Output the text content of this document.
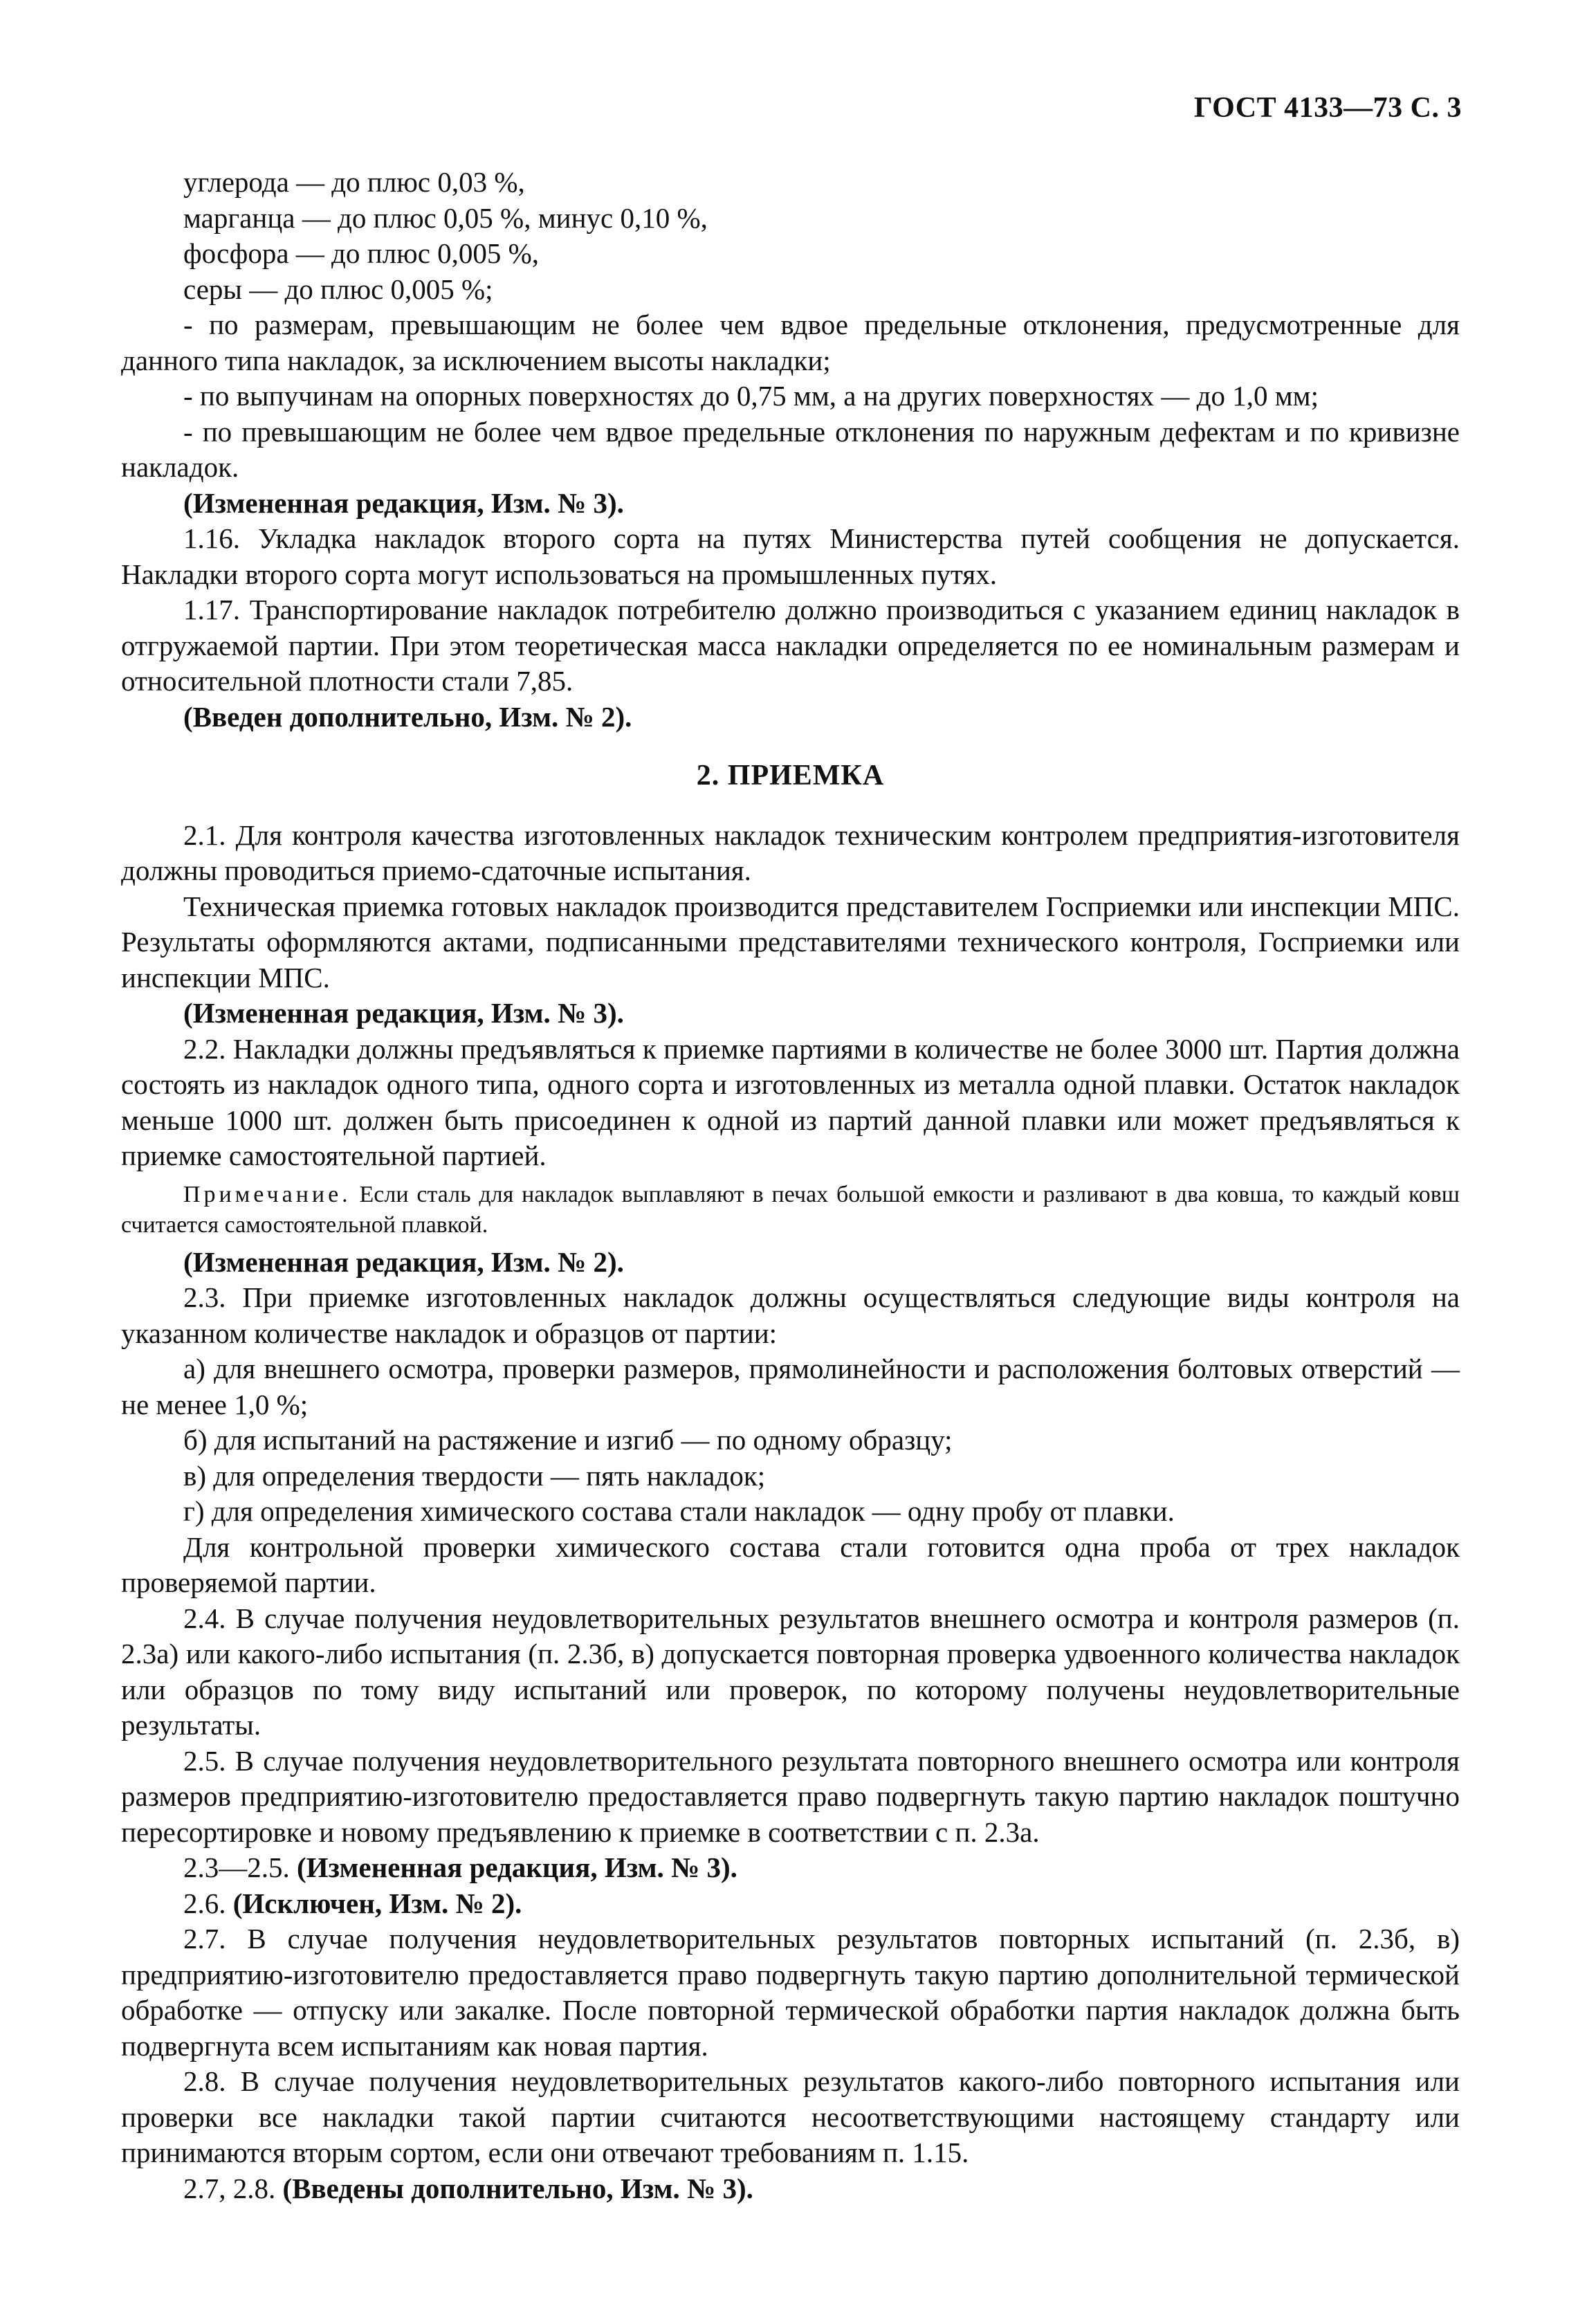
ГОСТ 4133—73 С. 3

углерода — до плюс 0,03 %,

марганца — до плюс 0,05 %, минус 0,10 %,

фосфора — до плюс 0,005 %,

серы — до плюс 0,005 %;

- по размерам, превышающим не более чем вдвое предельные отклонения, предусмотренные для данного типа накладок, за исключением высоты накладки;

- по выпучинам на опорных поверхностях до 0,75 мм, а на других поверхностях — до 1,0 мм;

- по превышающим не более чем вдвое предельные отклонения по наружным дефектам и по кривизне накладок.

(Измененная редакция, Изм. № 3).

1.16. Укладка накладок второго сорта на путях Министерства путей сообщения не допускается. Накладки второго сорта могут использоваться на промышленных путях.

1.17. Транспортирование накладок потребителю должно производиться с указанием единиц накладок в отгружаемой партии. При этом теоретическая масса накладки определяется по ее номинальным размерам и относительной плотности стали 7,85.

(Введен дополнительно, Изм. № 2).

2. ПРИЕМКА

2.1. Для контроля качества изготовленных накладок техническим контролем предприятия-изготовителя должны проводиться приемо-сдаточные испытания.

Техническая приемка готовых накладок производится представителем Госприемки или инспекции МПС. Результаты оформляются актами, подписанными представителями технического контроля, Госприемки или инспекции МПС.

(Измененная редакция, Изм. № 3).

2.2. Накладки должны предъявляться к приемке партиями в количестве не более 3000 шт. Партия должна состоять из накладок одного типа, одного сорта и изготовленных из металла одной плавки. Остаток накладок меньше 1000 шт. должен быть присоединен к одной из партий данной плавки или может предъявляться к приемке самостоятельной партией.

Примечание. Если сталь для накладок выплавляют в печах большой емкости и разливают в два ковша, то каждый ковш считается самостоятельной плавкой.

(Измененная редакция, Изм. № 2).

2.3. При приемке изготовленных накладок должны осуществляться следующие виды контроля на указанном количестве накладок и образцов от партии:

а) для внешнего осмотра, проверки размеров, прямолинейности и расположения болтовых отверстий — не менее 1,0 %;

б) для испытаний на растяжение и изгиб — по одному образцу;

в) для определения твердости — пять накладок;

г) для определения химического состава стали накладок — одну пробу от плавки.

Для контрольной проверки химического состава стали готовится одна проба от трех накладок проверяемой партии.

2.4. В случае получения неудовлетворительных результатов внешнего осмотра и контроля размеров (п. 2.3а) или какого-либо испытания (п. 2.3б, в) допускается повторная проверка удвоенного количества накладок или образцов по тому виду испытаний или проверок, по которому получены неудовлетворительные результаты.

2.5. В случае получения неудовлетворительного результата повторного внешнего осмотра или контроля размеров предприятию-изготовителю предоставляется право подвергнуть такую партию накладок поштучно пересортировке и новому предъявлению к приемке в соответствии с п. 2.3а.

2.3—2.5. (Измененная редакция, Изм. № 3).

2.6. (Исключен, Изм. № 2).

2.7. В случае получения неудовлетворительных результатов повторных испытаний (п. 2.3б, в) предприятию-изготовителю предоставляется право подвергнуть такую партию дополнительной термической обработке — отпуску или закалке. После повторной термической обработки партия накладок должна быть подвергнута всем испытаниям как новая партия.

2.8. В случае получения неудовлетворительных результатов какого-либо повторного испытания или проверки все накладки такой партии считаются несоответствующими настоящему стандарту или принимаются вторым сортом, если они отвечают требованиям п. 1.15.

2.7, 2.8. (Введены дополнительно, Изм. № 3).
